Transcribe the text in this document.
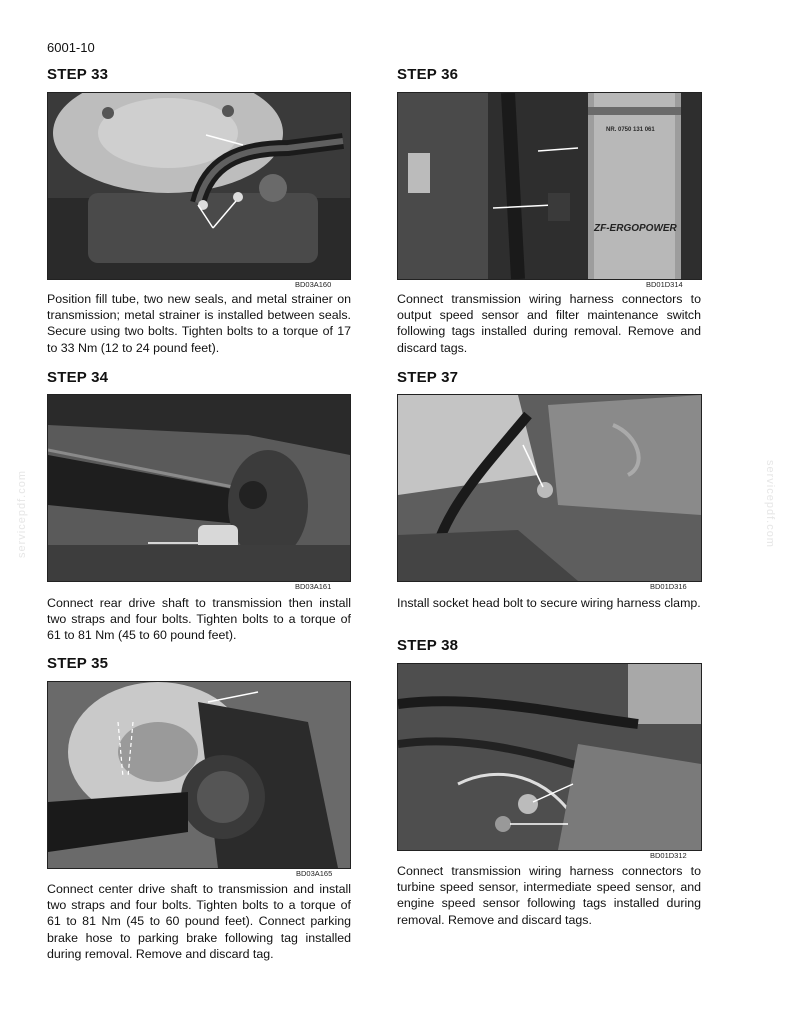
6001-10
servicepdf.com	servicepdf.com
STEP 33
BD03A160
Position fill tube, two new seals, and metal strainer on transmission; metal strainer is installed between seals. Secure using two bolts. Tighten bolts to a torque of 17 to 33 Nm (12 to 24 pound feet).
STEP 34
BD03A161
Connect rear drive shaft to transmission then install two straps and four bolts. Tighten bolts to a torque of 61 to 81 Nm (45 to 60 pound feet).
STEP 35
BD03A165
Connect center drive shaft to transmission and install two straps and four bolts. Tighten bolts to a torque of 61 to 81 Nm (45 to 60 pound feet). Connect parking brake hose to parking brake following tag installed during removal. Remove and discard tag.
STEP 36
NR. 0750 131 061
ZF-ERGOPOWER
BD01D314
Connect transmission wiring harness connectors to output speed sensor and filter maintenance switch following tags installed during removal. Remove and discard tags.
STEP 37
BD01D316
Install socket head bolt to secure wiring harness clamp.
STEP 38
BD01D312
Connect transmission wiring harness connectors to turbine speed sensor, intermediate speed sensor, and engine speed sensor following tags installed during removal. Remove and discard tags.
